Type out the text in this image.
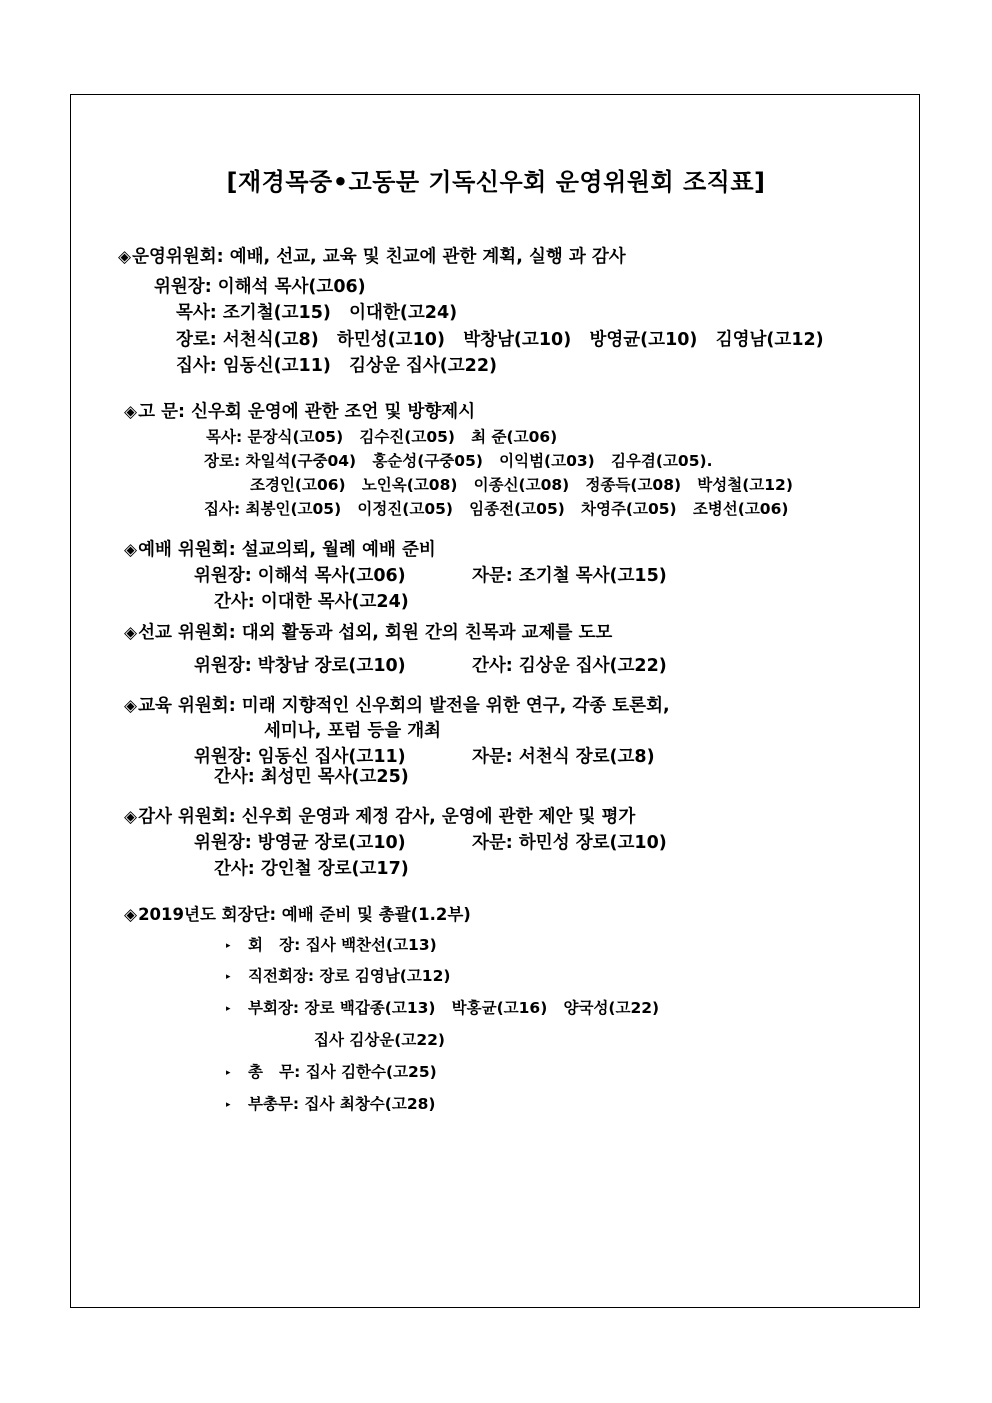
[재경목중•고동문 기독신우회 운영위원회 조직표]
◈운영위원회: 예배, 선교, 교육 및 친교에 관한 계획, 실행 과 감사
위원장: 이해석 목사(고06)
목사: 조기철(고15)   이대한(고24)
장로: 서천식(고8)   하민성(고10)   박창남(고10)   방영균(고10)   김영남(고12)
집사: 임동신(고11)   김상운 집사(고22)
◈고 문: 신우회 운영에 관한 조언 및 방향제시
목사: 문장식(고05)   김수진(고05)   최 준(고06)
장로: 차일석(구중04)   홍순성(구중05)   이익범(고03)   김우겸(고05).
조경인(고06)   노인옥(고08)   이종신(고08)   정종득(고08)   박성철(고12)
집사: 최봉인(고05)   이정진(고05)   임종전(고05)   차영주(고05)   조병선(고06)
◈예배 위원회: 설교의뢰, 월례 예배 준비
위원장: 이해석 목사(고06)	자문: 조기철 목사(고15)
간사: 이대한 목사(고24)
◈선교 위원회: 대외 활동과 섭외, 회원 간의 친목과 교제를 도모
위원장: 박창남 장로(고10)	간사: 김상운 집사(고22)
◈교육 위원회: 미래 지향적인 신우회의 발전을 위한 연구, 각종 토론회,
세미나, 포럼 등을 개최
위원장: 임동신 집사(고11)	자문: 서천식 장로(고8)
간사: 최성민 목사(고25)
◈감사 위원회: 신우회 운영과 제정 감사, 운영에 관한 제안 및 평가
위원장: 방영균 장로(고10)	자문: 하민성 장로(고10)
간사: 강인철 장로(고17)
◈2019년도 회장단: 예배 준비 및 총괄(1.2부)
▸ 회   장: 집사 백찬선(고13)
▸ 직전회장: 장로 김영남(고12)
▸ 부회장: 장로 백갑종(고13)   박홍균(고16)   양국성(고22)
집사 김상운(고22)
▸ 총   무: 집사 김한수(고25)
▸ 부총무: 집사 최창수(고28)
